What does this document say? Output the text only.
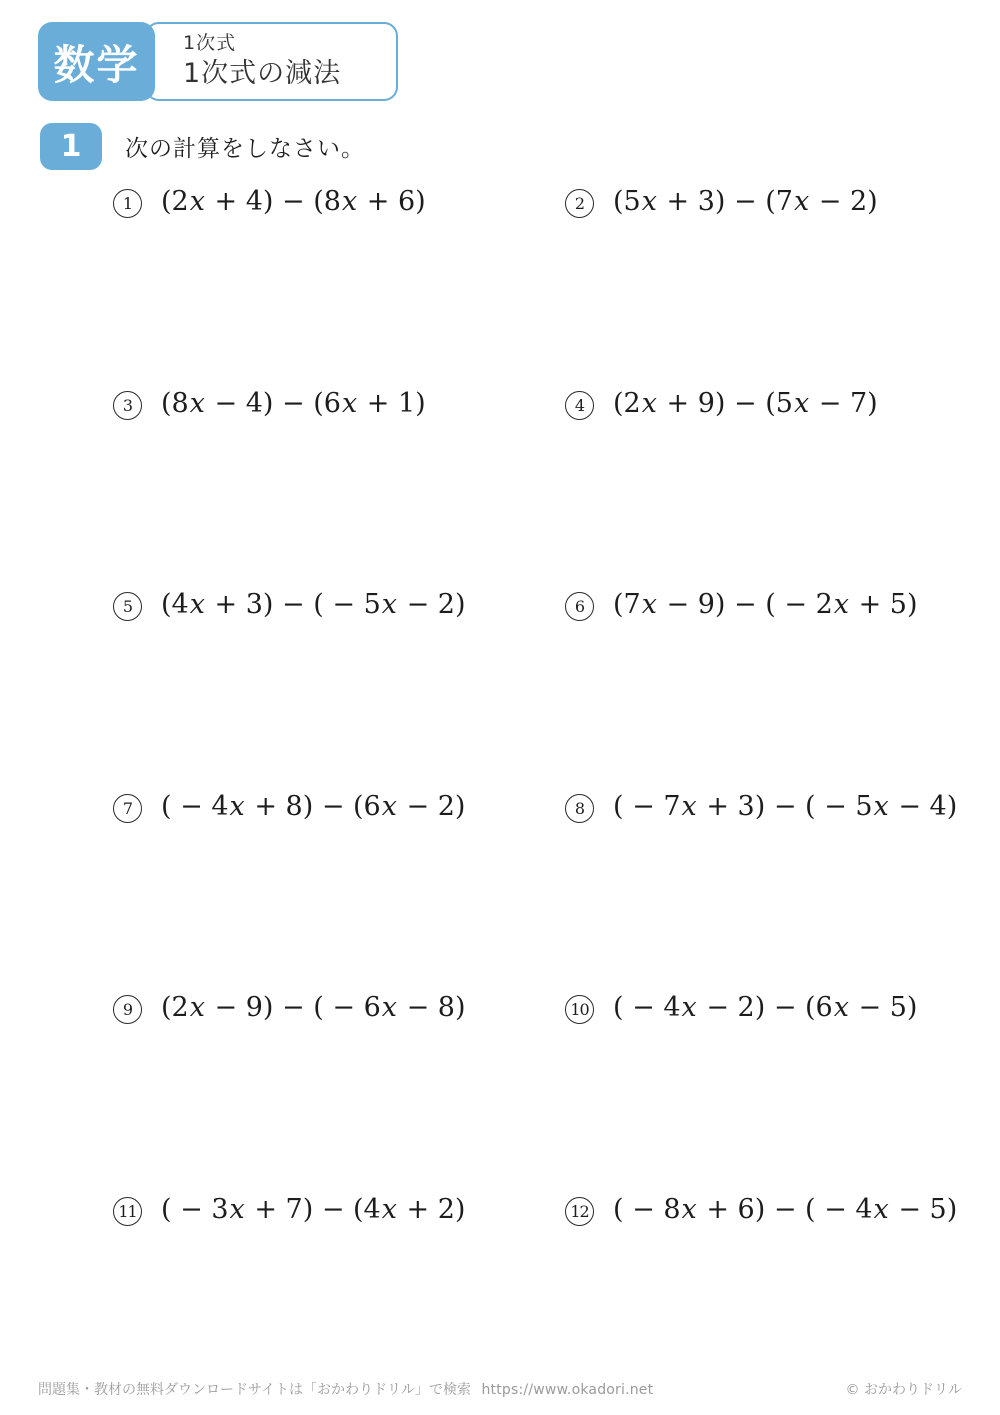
1次式
1次式の減法
数学
1	次の計算をしなさい。
1	(2x + 4) − (8x + 6)	2	(5x + 3) − (7x − 2)
3	(8x − 4) − (6x + 1)	4	(2x + 9) − (5x − 7)
5	(4x + 3) − ( − 5x − 2)	6	(7x − 9) − ( − 2x + 5)
7	( − 4x + 8) − (6x − 2)	8	( − 7x + 3) − ( − 5x − 4)
9	(2x − 9) − ( − 6x − 8)	10 ( − 4x − 2) − (6x − 5)
11 ( − 3x + 7) − (4x + 2)	12 ( − 8x + 6) − ( − 4x − 5)
問題集・教材の無料ダウンロードサイトは「おかわりドリル」で検索 https://www.okadori.net	© おかわりドリル
